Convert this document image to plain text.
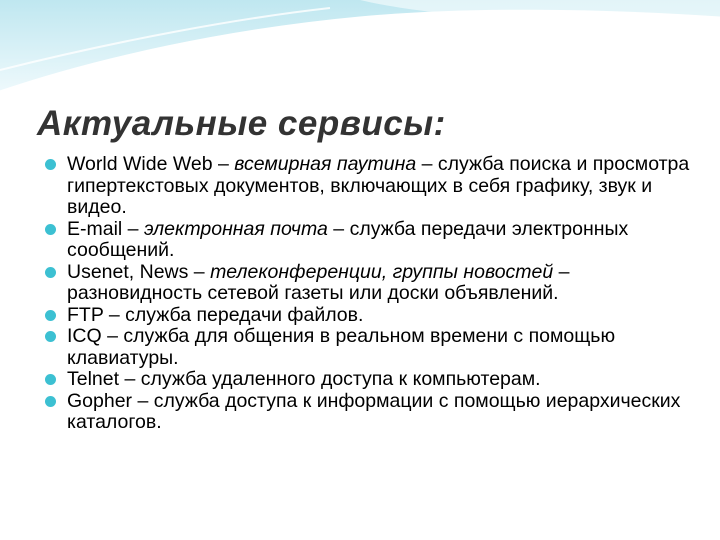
Актуальные сервисы:
World Wide Web – всемирная паутина – служба поиска и просмотра гипертекстовых документов, включающих в себя графику, звук и видео.
E-mail – электронная почта – служба передачи электронных сообщений.
Usenet, News – телеконференции, группы новостей – разновидность сетевой газеты или доски объявлений.
FTP – служба передачи файлов.
ICQ – служба для общения в реальном времени с помощью клавиатуры.
Telnet – служба удаленного доступа к компьютерам.
Gopher – служба доступа к информации с помощью иерархических каталогов.
